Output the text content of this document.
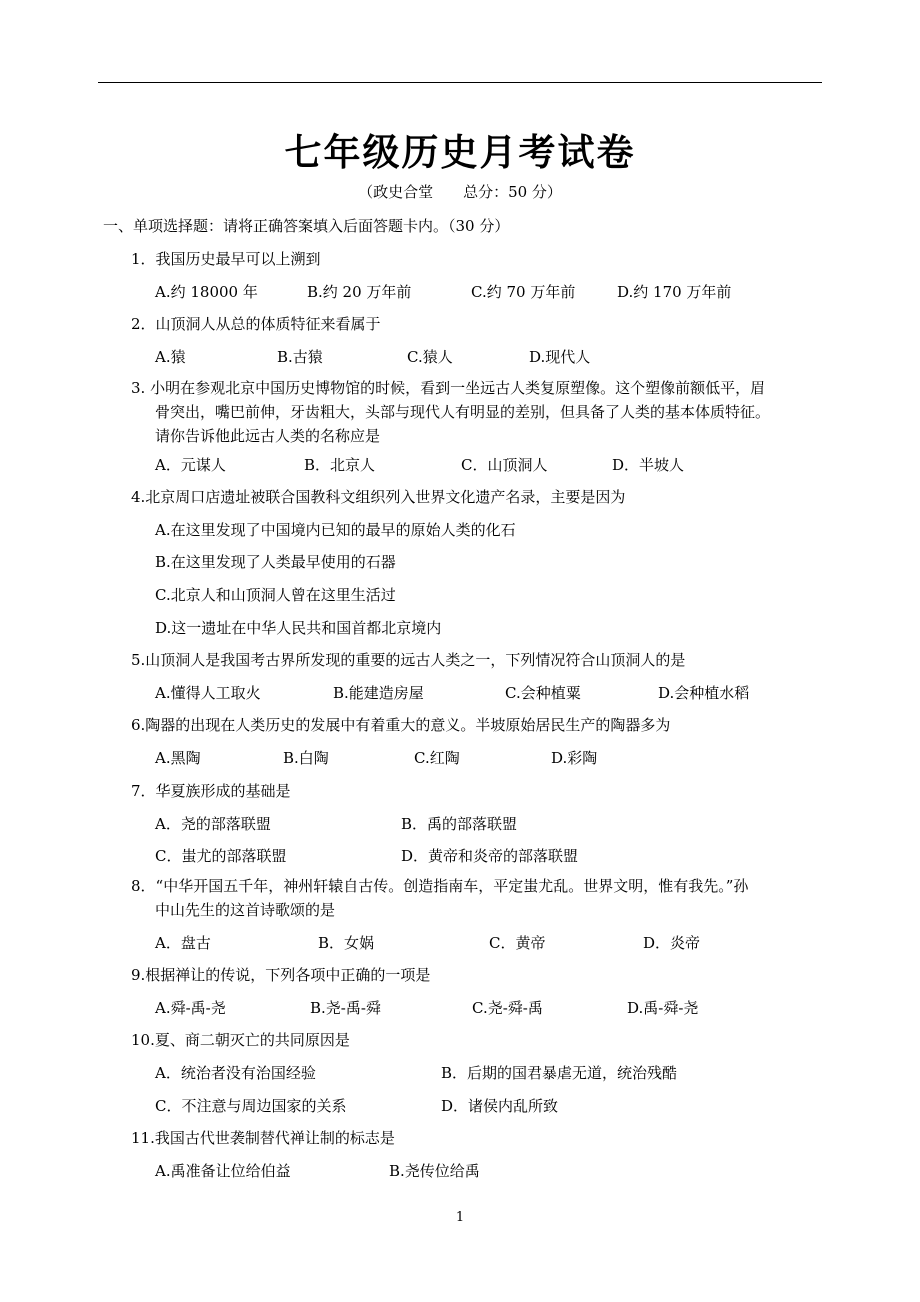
七年级历史月考试卷
（政史合堂　　总分：50 分）
一、单项选择题：请将正确答案填入后面答题卡内。（30 分）
1．我国历史最早可以上溯到
A.约 18000 年	B.约 20 万年前	C.约 70 万年前	D.约 170 万年前
2．山顶洞人从总的体质特征来看属于
A.猿	B.古猿	C.猿人	D.现代人
3. 小明在参观北京中国历史博物馆的时候，看到一坐远古人类复原塑像。这个塑像前额低平，眉
骨突出，嘴巴前伸，牙齿粗大，头部与现代人有明显的差别，但具备了人类的基本体质特征。
请你告诉他此远古人类的名称应是
A．元谋人	B．北京人	C．山顶洞人	D．半坡人
4.北京周口店遗址被联合国教科文组织列入世界文化遗产名录，主要是因为
A.在这里发现了中国境内已知的最早的原始人类的化石
B.在这里发现了人类最早使用的石器
C.北京人和山顶洞人曾在这里生活过
D.这一遗址在中华人民共和国首都北京境内
5.山顶洞人是我国考古界所发现的重要的远古人类之一，下列情况符合山顶洞人的是
A.懂得人工取火	B.能建造房屋	C.会种植粟	D.会种植水稻
6.陶器的出现在人类历史的发展中有着重大的意义。半坡原始居民生产的陶器多为
A.黑陶	B.白陶	C.红陶	D.彩陶
7．华夏族形成的基础是
A．尧的部落联盟	B．禹的部落联盟
C．蚩尤的部落联盟	D．黄帝和炎帝的部落联盟
8．“中华开国五千年，神州轩辕自古传。创造指南车，平定蚩尤乱。世界文明，惟有我先。”孙
中山先生的这首诗歌颂的是
A．盘古	B．女娲	C．黄帝	D．炎帝
9.根据禅让的传说，下列各项中正确的一项是
A.舜-禹-尧	B.尧-禹-舜	C.尧-舜-禹	D.禹-舜-尧
10.夏、商二朝灭亡的共同原因是
A．统治者没有治国经验	B．后期的国君暴虐无道，统治残酷
C．不注意与周边国家的关系	D．诸侯内乱所致
11.我国古代世袭制替代禅让制的标志是
A.禹准备让位给伯益	B.尧传位给禹
1
